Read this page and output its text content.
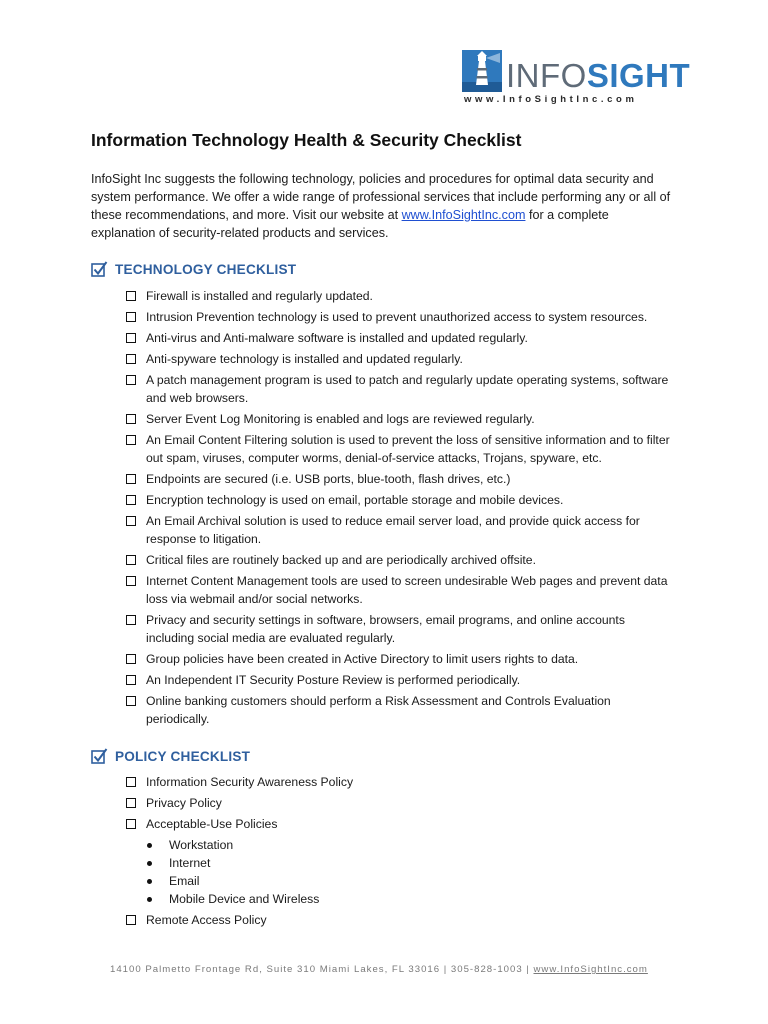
INFOSIGHT
www.InfoSightInc.com
Information Technology Health & Security Checklist

InfoSight Inc suggests the following technology, policies and procedures for optimal data security and system performance. We offer a wide range of professional services that include performing any or all of these recommendations, and more. Visit our website at www.InfoSightInc.com for a complete explanation of security-related products and services.

TECHNOLOGY CHECKLIST
Firewall is installed and regularly updated.
Intrusion Prevention technology is used to prevent unauthorized access to system resources.
Anti-virus and Anti-malware software is installed and updated regularly.
Anti-spyware technology is installed and updated regularly.
A patch management program is used to patch and regularly update operating systems, software and web browsers.
Server Event Log Monitoring is enabled and logs are reviewed regularly.
An Email Content Filtering solution is used to prevent the loss of sensitive information and to filter out spam, viruses, computer worms, denial-of-service attacks, Trojans, spyware, etc.
Endpoints are secured (i.e. USB ports, blue-tooth, flash drives, etc.)
Encryption technology is used on email, portable storage and mobile devices.
An Email Archival solution is used to reduce email server load, and provide quick access for response to litigation.
Critical files are routinely backed up and are periodically archived offsite.
Internet Content Management tools are used to screen undesirable Web pages and prevent data loss via webmail and/or social networks.
Privacy and security settings in software, browsers, email programs, and online accounts including social media are evaluated regularly.
Group policies have been created in Active Directory to limit users rights to data.
An Independent IT Security Posture Review is performed periodically.
Online banking customers should perform a Risk Assessment and Controls Evaluation periodically.
POLICY CHECKLIST
Information Security Awareness Policy
Privacy Policy
Acceptable-Use Policies
Workstation
Internet
Email
Mobile Device and Wireless
Remote Access Policy
14100 Palmetto Frontage Rd, Suite 310 Miami Lakes, FL 33016 | 305-828-1003 | www.InfoSightInc.com
